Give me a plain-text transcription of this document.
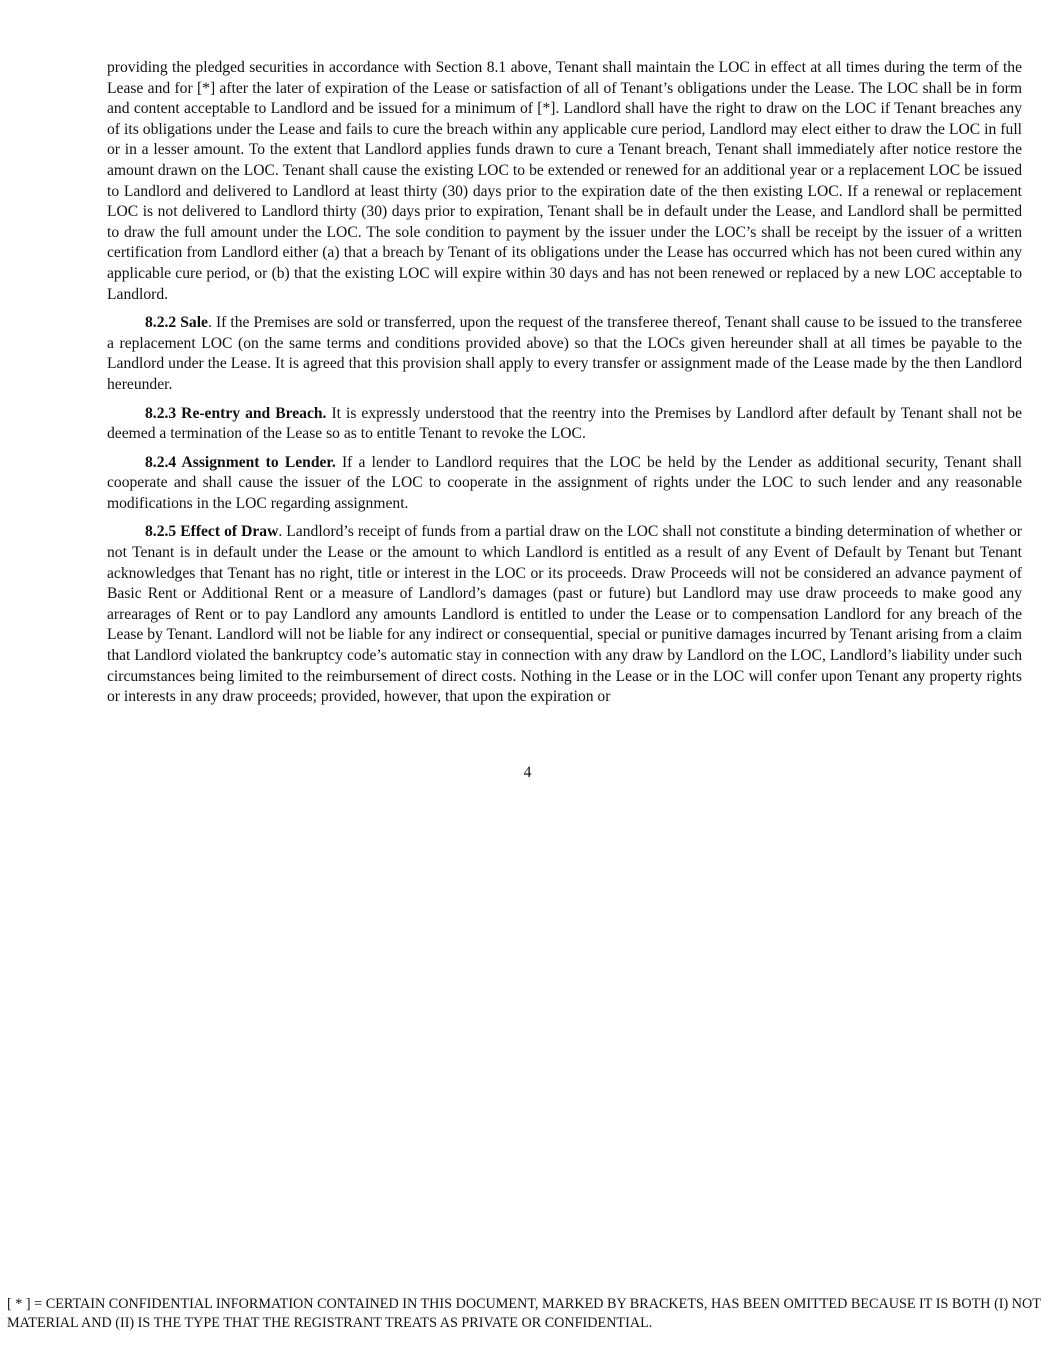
providing the pledged securities in accordance with Section 8.1 above, Tenant shall maintain the LOC in effect at all times during the term of the Lease and for [*] after the later of expiration of the Lease or satisfaction of all of Tenant’s obligations under the Lease. The LOC shall be in form and content acceptable to Landlord and be issued for a minimum of [*]. Landlord shall have the right to draw on the LOC if Tenant breaches any of its obligations under the Lease and fails to cure the breach within any applicable cure period, Landlord may elect either to draw the LOC in full or in a lesser amount. To the extent that Landlord applies funds drawn to cure a Tenant breach, Tenant shall immediately after notice restore the amount drawn on the LOC. Tenant shall cause the existing LOC to be extended or renewed for an additional year or a replacement LOC be issued to Landlord and delivered to Landlord at least thirty (30) days prior to the expiration date of the then existing LOC. If a renewal or replacement LOC is not delivered to Landlord thirty (30) days prior to expiration, Tenant shall be in default under the Lease, and Landlord shall be permitted to draw the full amount under the LOC. The sole condition to payment by the issuer under the LOC’s shall be receipt by the issuer of a written certification from Landlord either (a) that a breach by Tenant of its obligations under the Lease has occurred which has not been cured within any applicable cure period, or (b) that the existing LOC will expire within 30 days and has not been renewed or replaced by a new LOC acceptable to Landlord.

8.2.2 Sale. If the Premises are sold or transferred, upon the request of the transferee thereof, Tenant shall cause to be issued to the transferee a replacement LOC (on the same terms and conditions provided above) so that the LOCs given hereunder shall at all times be payable to the Landlord under the Lease. It is agreed that this provision shall apply to every transfer or assignment made of the Lease made by the then Landlord hereunder.

8.2.3 Re-entry and Breach. It is expressly understood that the reentry into the Premises by Landlord after default by Tenant shall not be deemed a termination of the Lease so as to entitle Tenant to revoke the LOC.

8.2.4 Assignment to Lender. If a lender to Landlord requires that the LOC be held by the Lender as additional security, Tenant shall cooperate and shall cause the issuer of the LOC to cooperate in the assignment of rights under the LOC to such lender and any reasonable modifications in the LOC regarding assignment.

8.2.5 Effect of Draw. Landlord’s receipt of funds from a partial draw on the LOC shall not constitute a binding determination of whether or not Tenant is in default under the Lease or the amount to which Landlord is entitled as a result of any Event of Default by Tenant but Tenant acknowledges that Tenant has no right, title or interest in the LOC or its proceeds. Draw Proceeds will not be considered an advance payment of Basic Rent or Additional Rent or a measure of Landlord’s damages (past or future) but Landlord may use draw proceeds to make good any arrearages of Rent or to pay Landlord any amounts Landlord is entitled to under the Lease or to compensation Landlord for any breach of the Lease by Tenant. Landlord will not be liable for any indirect or consequential, special or punitive damages incurred by Tenant arising from a claim that Landlord violated the bankruptcy code’s automatic stay in connection with any draw by Landlord on the LOC, Landlord’s liability under such circumstances being limited to the reimbursement of direct costs. Nothing in the Lease or in the LOC will confer upon Tenant any property rights or interests in any draw proceeds; provided, however, that upon the expiration or

4
[ * ] = CERTAIN CONFIDENTIAL INFORMATION CONTAINED IN THIS DOCUMENT, MARKED BY BRACKETS, HAS BEEN OMITTED BECAUSE IT IS BOTH (I) NOT MATERIAL AND (II) IS THE TYPE THAT THE REGISTRANT TREATS AS PRIVATE OR CONFIDENTIAL.
